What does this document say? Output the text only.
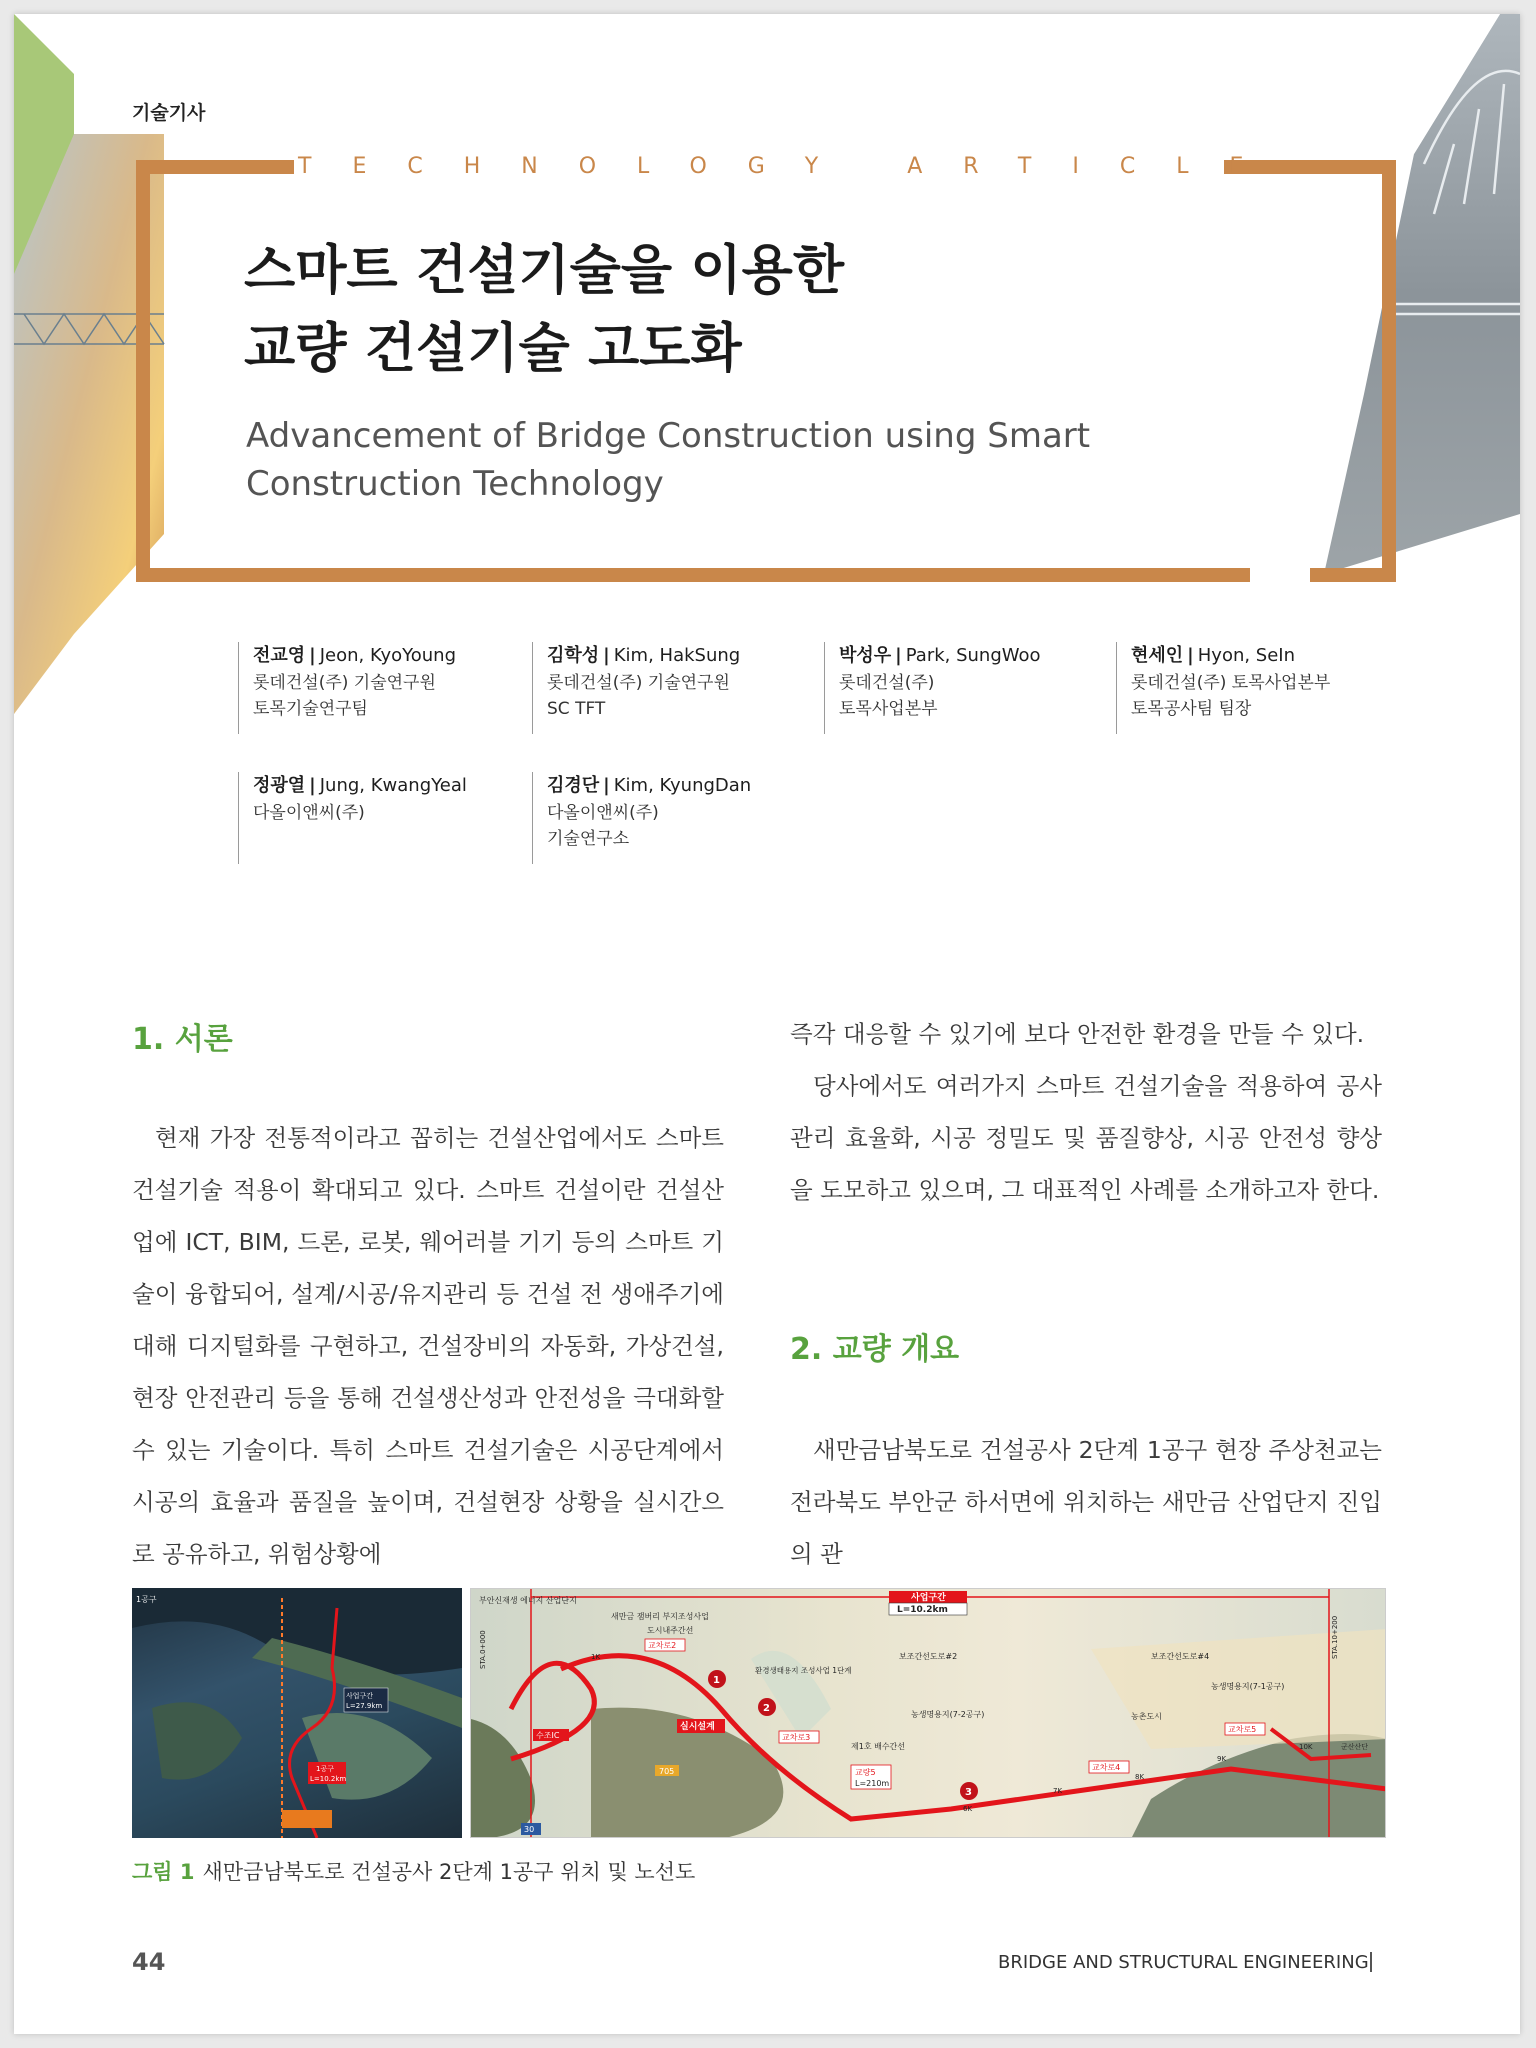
기술기사
TECHNOLOGY ARTICLE
스마트 건설기술을 이용한
교량 건설기술 고도화
Advancement of Bridge Construction using Smart Construction Technology
전교영 | Jeon, KyoYoung
롯데건설(주) 기술연구원
토목기술연구팀
김학성 | Kim, HakSung
롯데건설(주) 기술연구원
SC TFT
박성우 | Park, SungWoo
롯데건설(주)
토목사업본부
현세인 | Hyon, SeIn
롯데건설(주) 토목사업본부
토목공사팀 팀장
정광열 | Jung, KwangYeal
다올이앤씨(주)
김경단 | Kim, KyungDan
다올이앤씨(주)
기술연구소
1. 서론

현재 가장 전통적이라고 꼽히는 건설산업에서도 스마트 건설기술 적용이 확대되고 있다. 스마트 건설이란 건설산업에 ICT, BIM, 드론, 로봇, 웨어러블 기기 등의 스마트 기술이 융합되어, 설계/시공/유지관리 등 건설 전 생애주기에 대해 디지털화를 구현하고, 건설장비의 자동화, 가상건설, 현장 안전관리 등을 통해 건설생산성과 안전성을 극대화할 수 있는 기술이다. 특히 스마트 건설기술은 시공단계에서 시공의 효율과 품질을 높이며, 건설현장 상황을 실시간으로 공유하고, 위험상황에

즉각 대응할 수 있기에 보다 안전한 환경을 만들 수 있다.

당사에서도 여러가지 스마트 건설기술을 적용하여 공사관리 효율화, 시공 정밀도 및 품질향상, 시공 안전성 향상을 도모하고 있으며, 그 대표적인 사례를 소개하고자 한다.

2. 교량 개요

새만금남북도로 건설공사 2단계 1공구 현장 주상천교는 전라북도 부안군 하서면에 위치하는 새만금 산업단지 진입의 관

사업구간
L=27.9km
1공구
L=10.2km
1공구	사업구간
L=10.2km
부안신재생 에너지 산업단지
새만금 잼버리 부지조성사업
도시내주간선
교차로2
환경생태용지 조성사업 1단계
보조간선도로#2	보조간선도로#4
농생명용지(7-1공구)
농생명용지(7-2공구)	농촌도시
제1호 배수간선
교차로3
교차로4
교차로5
교량5
L=210m
실시설계
수조IC
705
30
STA.0+000	STA.10+200
군산산단
1
2
3
1K
6K
7K
8K
9K
10K
그림 1 새만금남북도로 건설공사 2단계 1공구 위치 및 노선도
44	BRIDGE AND STRUCTURAL ENGINEERING
